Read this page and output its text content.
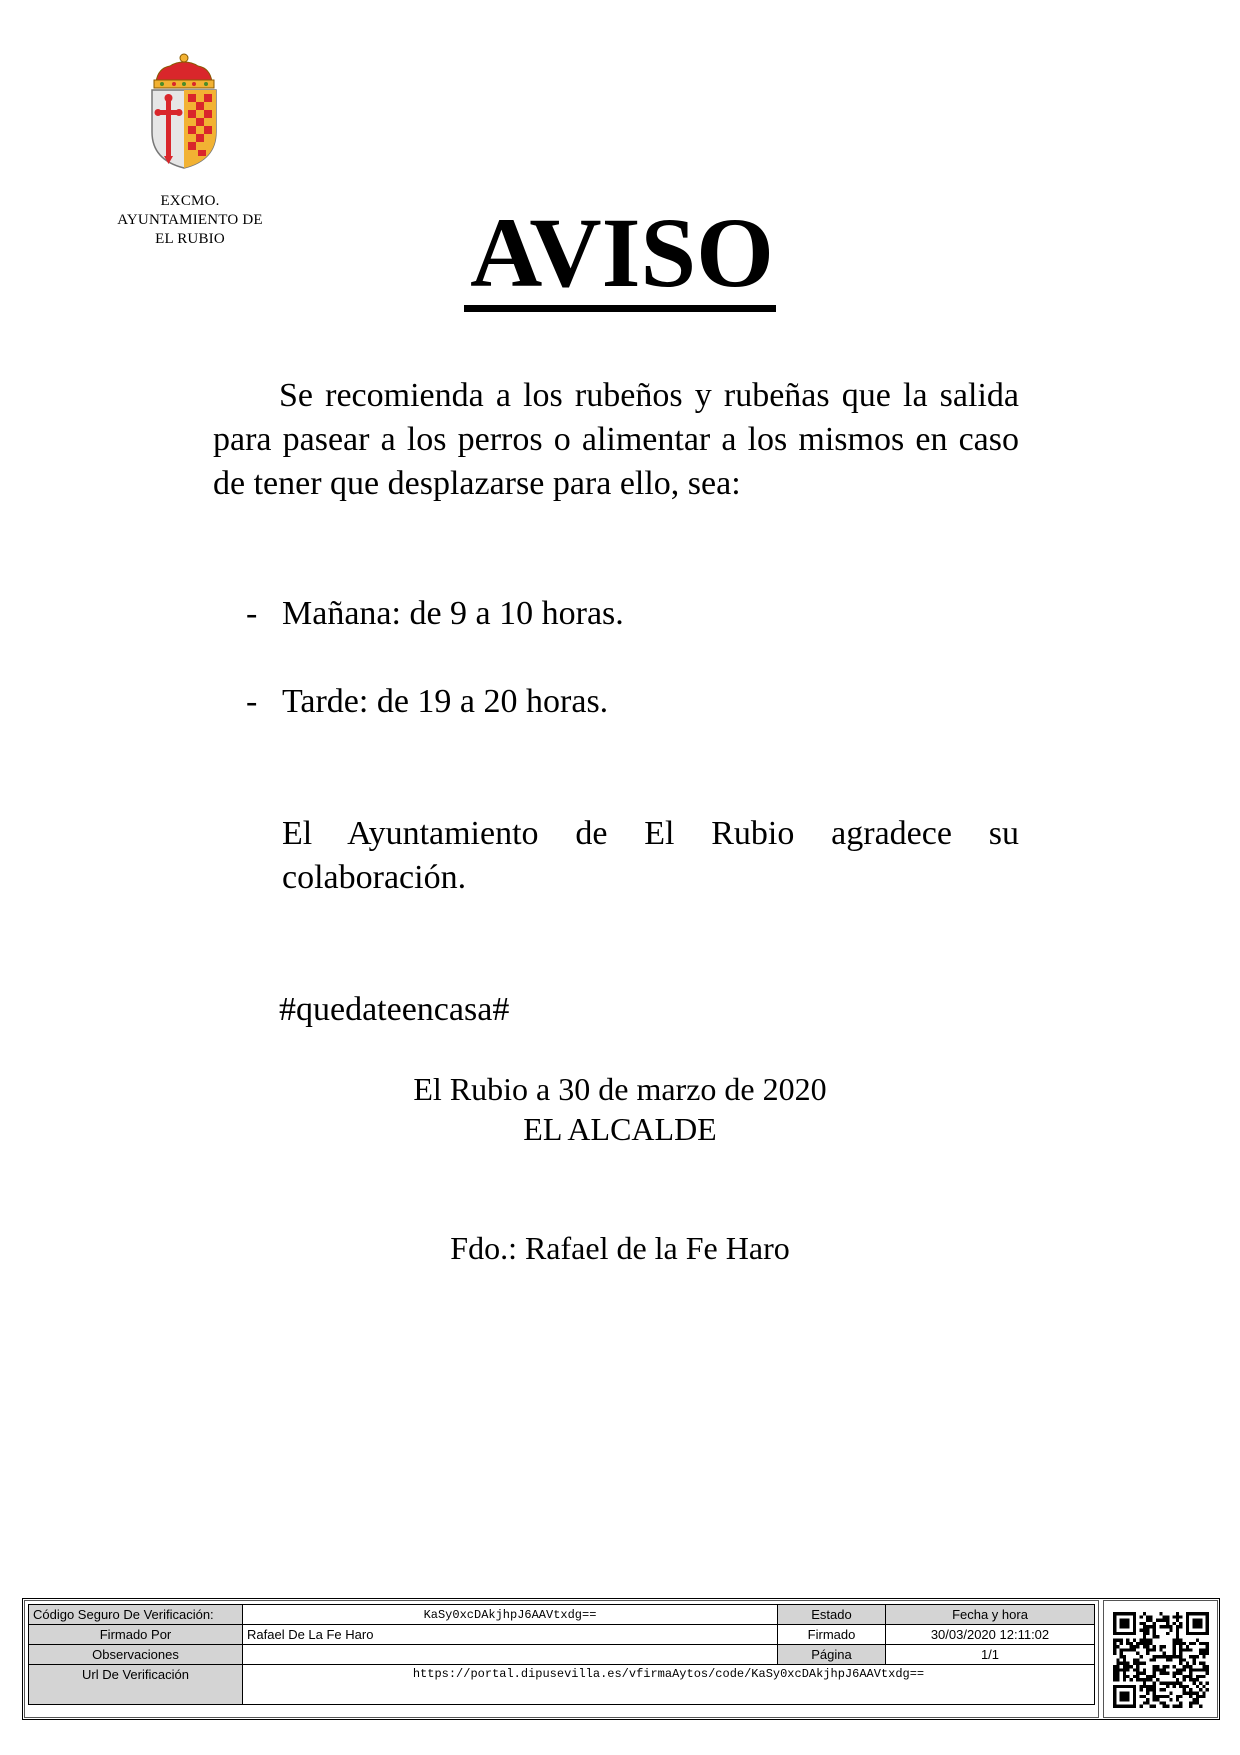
EXCMO.
AYUNTAMIENTO DE
EL RUBIO	AVISO

Se recomienda a los rubeños y rubeñas que la salida para pasear a los perros o alimentar a los mismos en caso de tener que desplazarse para ello, sea:

- Mañana: de 9 a 10 horas.
- Tarde: de 19 a 20 horas.

El Ayuntamiento de El Rubio agradece su colaboración.

#quedateencasa#
El Rubio a 30 de marzo de 2020
EL ALCALDE
Fdo.: Rafael de la Fe Haro
Código Seguro De Verificación:	KaSy0xcDAkjhpJ6AAVtxdg==	Estado	Fecha y hora
Firmado Por	Rafael De La Fe Haro	Firmado	30/03/2020 12:11:02
Observaciones		Página	1/1
Url De Verificación	https://portal.dipusevilla.es/vfirmaAytos/code/KaSy0xcDAkjhpJ6AAVtxdg==		
